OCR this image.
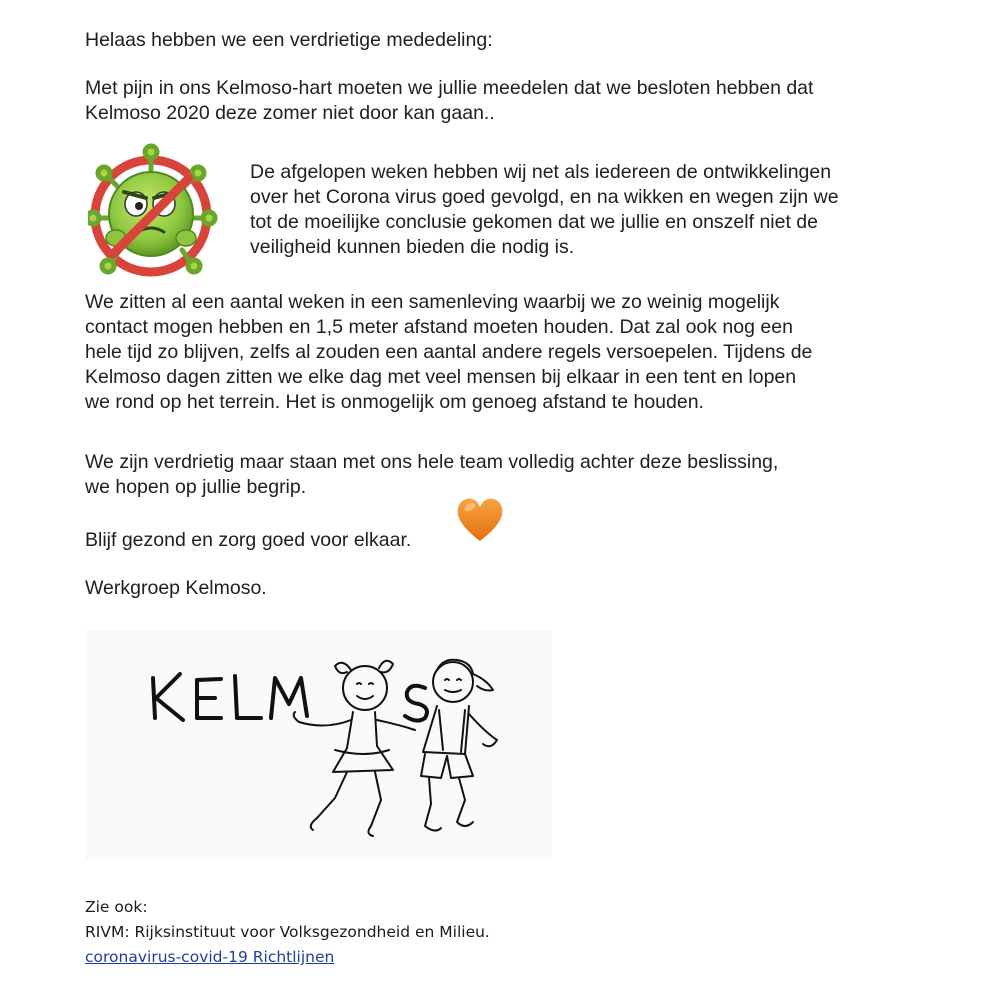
Helaas hebben we een verdrietige mededeling:

Met pijn in ons Kelmoso-hart moeten we jullie meedelen dat we besloten hebben dat
Kelmoso 2020 deze zomer niet door kan gaan..

De afgelopen weken hebben wij net als iedereen de ontwikkelingen
over het Corona virus goed gevolgd, en na wikken en wegen zijn we
tot de moeilijke conclusie gekomen dat we jullie en onszelf niet de
veiligheid kunnen bieden die nodig is.

We zitten al een aantal weken in een samenleving waarbij we zo weinig mogelijk
contact mogen hebben en 1,5 meter afstand moeten houden. Dat zal ook nog een
hele tijd zo blijven, zelfs al zouden een aantal andere regels versoepelen. Tijdens de
Kelmoso dagen zitten we elke dag met veel mensen bij elkaar in een tent en lopen
we rond op het terrein. Het is onmogelijk om genoeg afstand te houden.

We zijn verdrietig maar staan met ons hele team volledig achter deze beslissing,
we hopen op jullie begrip.

Blijf gezond en zorg goed voor elkaar.

Werkgroep Kelmoso.

Zie ook:

RIVM: Rijksinstituut voor Volksgezondheid en Milieu.

coronavirus-covid-19 Richtlijnen
